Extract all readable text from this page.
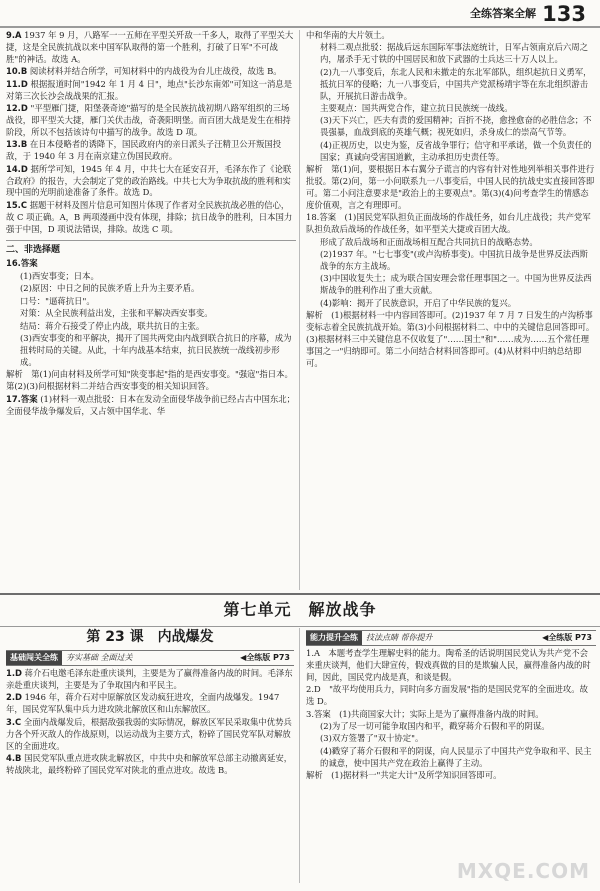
全练答案全解 133

9.A 1937 年 9 月，八路军一一五师在平型关歼敌一千多人，取得了平型关大捷，这是全民族抗战以来中国军队取得的第一个胜利，打破了日军"不可战胜"的神话。故选 A。

10.B 阅读材料并结合所学，可知材料中的内战役为台儿庄战役，故选 B。

11.D 根据报道时间"1942 年 1 月 4 日"，地点"长沙东南郊"可知这一消息是对第三次长沙会战战果的汇报。

12.D "平型雁门捷，阳堡袭奇迹"描写的是全民族抗战初期八路军组织的三场战役，即平型关大捷，雁门关伏击战，奇袭阳明堡。而百团大战是发生在相持阶段，所以不包括该诗句中描写的战争。故选 D 项。

13.B 在日本侵略者的诱降下，国民政府内的亲日派头子汪精卫公开叛国投敌，于 1940 年 3 月在南京建立伪国民政府。

14.D 据所学可知，1945 年 4 月，中共七大在延安召开，毛泽东作了《论联合政府》的报告，大会制定了党的政治路线。中共七大为争取抗战的胜利和实现中国的光明前途准备了条件。故选 D。

15.C 据题干材料及图片信息可知图片体现了作者对全民族抗战必胜的信心，故 C 项正确。A，B 两项漫画中没有体现，排除；抗日战争的胜利，日本国力强于中国，D 项说法错误，排除。故选 C 项。

二、非选择题

16.答案

(1)西安事变；日本。

(2)原因：中日之间的民族矛盾上升为主要矛盾。

口号："逼蒋抗日"。

对策：从全民族利益出发，主张和平解决西安事变。

结局：蒋介石接受了停止内战，联共抗日的主张。

(3)西安事变的和平解决，揭开了国共两党由内战到联合抗日的序幕，成为扭转时局的关键。从此，十年内战基本结束，抗日民族统一战线初步形成。

解析　第(1)问由材料及所学可知"陕变事起"指的是西安事变。"强寇"指日本。第(2)(3)问根据材料二并结合西安事变的相关知识回答。

17.答案 (1)材料一观点批驳：日本在发动全面侵华战争前已经占古中国东北；全面侵华战争爆发后，又占领中国华北、华

中和华南的大片领土。

材料二观点批驳：据战后远东国际军事法庭统计，日军占领南京后六周之内，屠杀手无寸铁的中国居民和放下武器的士兵达三十万人以上。

(2)九一八事变后，东北人民和未撤走的东北军部队，组织起抗日义勇军，抵抗日军的侵略；九一八事变后，中国共产党派杨靖宇等在东北组织游击队，开展抗日游击战争。

主要观点：国共两党合作，建立抗日民族统一战线。

(3)天下兴亡，匹夫有责的爱国精神；百折不挠，愈挫愈奋的必胜信念；不畏强暴，血战到底的英雄气概；视死如归，杀身成仁的崇高气节等。

(4)正视历史，以史为鉴，反省战争罪行；信守和平承诺，做一个负责任的国家；真诚向受害国道歉，主动承担历史责任等。

解析　第(1)问，要根据日本右翼分子谎言的内容有针对性地列举相关事件进行批驳。第(2)问，第一小问联系九一八事变后，中国人民的抗战史实直接回答即可。第二小问注意要求是"政治上的主要观点"。第(3)(4)问考查学生的情感态度价值观，言之有理即可。

18.答案　(1)国民党军队担负正面战场的作战任务，如台儿庄战役；共产党军队担负敌后战场的作战任务，如平型关大捷或百团大战。

形成了敌后战场和正面战场相互配合共同抗日的战略态势。

(2)1937 年。"七七事变"(或卢沟桥事变)。中国抗日战争是世界反法西斯战争的东方主战场。

(3)中国收复失土；成为联合国安理会常任理事国之一。中国为世界反法西斯战争的胜利作出了重大贡献。

(4)影响：揭开了民族意识，开启了中华民族的复兴。

解析　(1)根据材料一中内容回答即可。(2)1937 年 7 月 7 日发生的卢沟桥事变标志着全民族抗战开始。第(3)小问根据材料二、中中的关键信息回答即可。(3)根据材料三中关键信息不仅收复了"……国土"和"……成为……五个常任理事国之一"归纳即可。第二小问结合材料回答即可。(4)从材料中归纳总结即可。

第七单元　解放战争
第 23 课　内战爆发
基础闯关全练 夯实基础 全面过关	◀全练版 P73
能力提升全练 技法点睛 帮你提升	◀全练版 P73

1.D 蒋介石电邀毛泽东赴重庆谈判，主要是为了赢得准备内战的时间。毛泽东亲赴重庆谈判，主要是为了争取国内和平民主。

2.D 1946 年，蒋介石对中原解放区发动疯狂进攻，全面内战爆发。1947 年，国民党军队集中兵力进攻陕北解放区和山东解放区。

3.C 全面内战爆发后，根据敌强我弱的实际情况，解放区军民采取集中优势兵力各个歼灭敌人的作战原则，以运动战为主要方式，粉碎了国民党军队对解放区的全面进攻。

4.B 国民党军队重点进攻陕北解放区，中共中央和解放军总部主动撤离延安，转战陕北，最终粉碎了国民党军对陕北的重点进攻。故选 B。

1.A　本题考查学生理解史料的能力。陶希圣的话说明国民党认为共产党不会来重庆谈判，他们大肆宣传，假戏真做的目的是欺骗人民，赢得准备内战的时间，因此，国民党内战是真，和谈是假。

2.D　"故平均使用兵力，同时向多方面发展"指的是国民党军的全面进攻。故选 D。

3.答案　(1)共商国家大计；实际上是为了赢得准备内战的时间。

(2)为了尽一切可能争取国内和平，戳穿蒋介石假和平的阴谋。

(3)双方签署了"双十协定"。

(4)戳穿了蒋介石假和平的阴谋，向人民显示了中国共产党争取和平、民主的诚意，使中国共产党在政治上赢得了主动。

解析　(1)据材料一"共定大计"及所学知识回答即可。

MXQE.COM
